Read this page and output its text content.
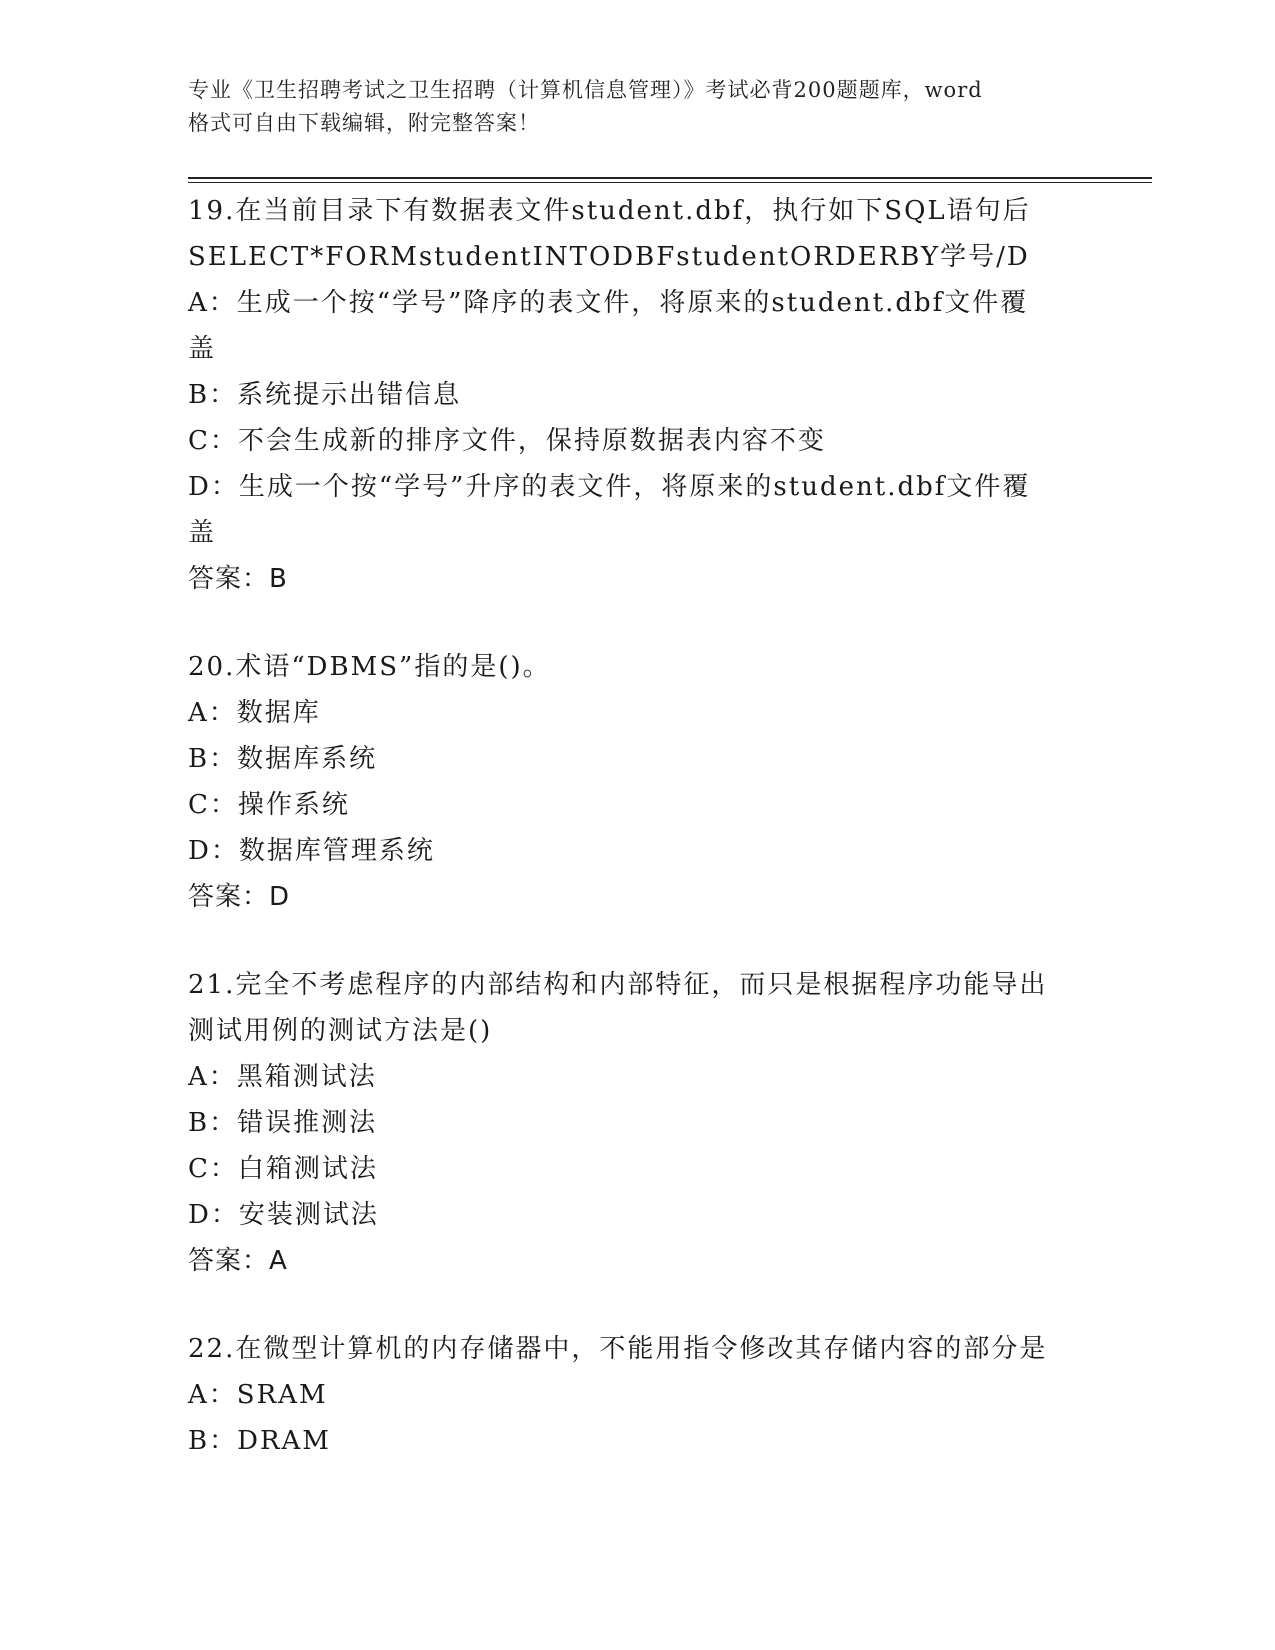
专业《卫生招聘考试之卫生招聘（计算机信息管理）》考试必背200题题库，word
格式可自由下载编辑，附完整答案！
19.在当前目录下有数据表文件student.dbf，执行如下SQL语句后
SELECT*FORMstudentINTODBFstudentORDERBY学号/D
A：生成一个按“学号”降序的表文件，将原来的student.dbf文件覆
盖
B：系统提示出错信息
C：不会生成新的排序文件，保持原数据表内容不变
D：生成一个按“学号”升序的表文件，将原来的student.dbf文件覆
盖
答案：B
20.术语“DBMS”指的是()。
A：数据库
B：数据库系统
C：操作系统
D：数据库管理系统
答案：D
21.完全不考虑程序的内部结构和内部特征，而只是根据程序功能导出
测试用例的测试方法是()
A：黑箱测试法
B：错误推测法
C：白箱测试法
D：安装测试法
答案：A
22.在微型计算机的内存储器中，不能用指令修改其存储内容的部分是
A：SRAM
B：DRAM
